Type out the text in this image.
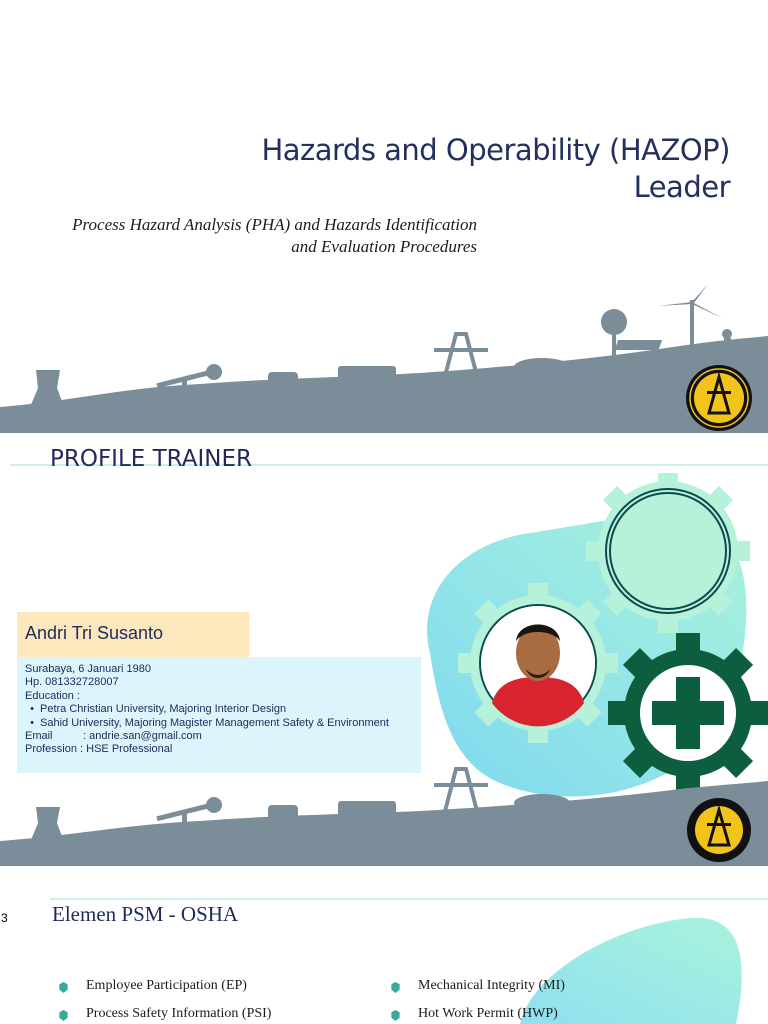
Hazards and Operability (HAZOP) Leader
Process Hazard Analysis (PHA) and Hazards Identification
and Evaluation Procedures
PROFILE TRAINER
Andri Tri Susanto
Surabaya, 6 Januari 1980
Hp. 081332728007
Education :
• Petra Christian University, Majoring Interior Design
• Sahid University, Majoring Magister Management Safety & Environment
Email          : andrie.san@gmail.com
Profession : HSE Professional
3 Elemen PSM - OSHA
Employee Participation (EP)
Process Safety Information (PSI)
Mechanical Integrity (MI)
Hot Work Permit (HWP)
